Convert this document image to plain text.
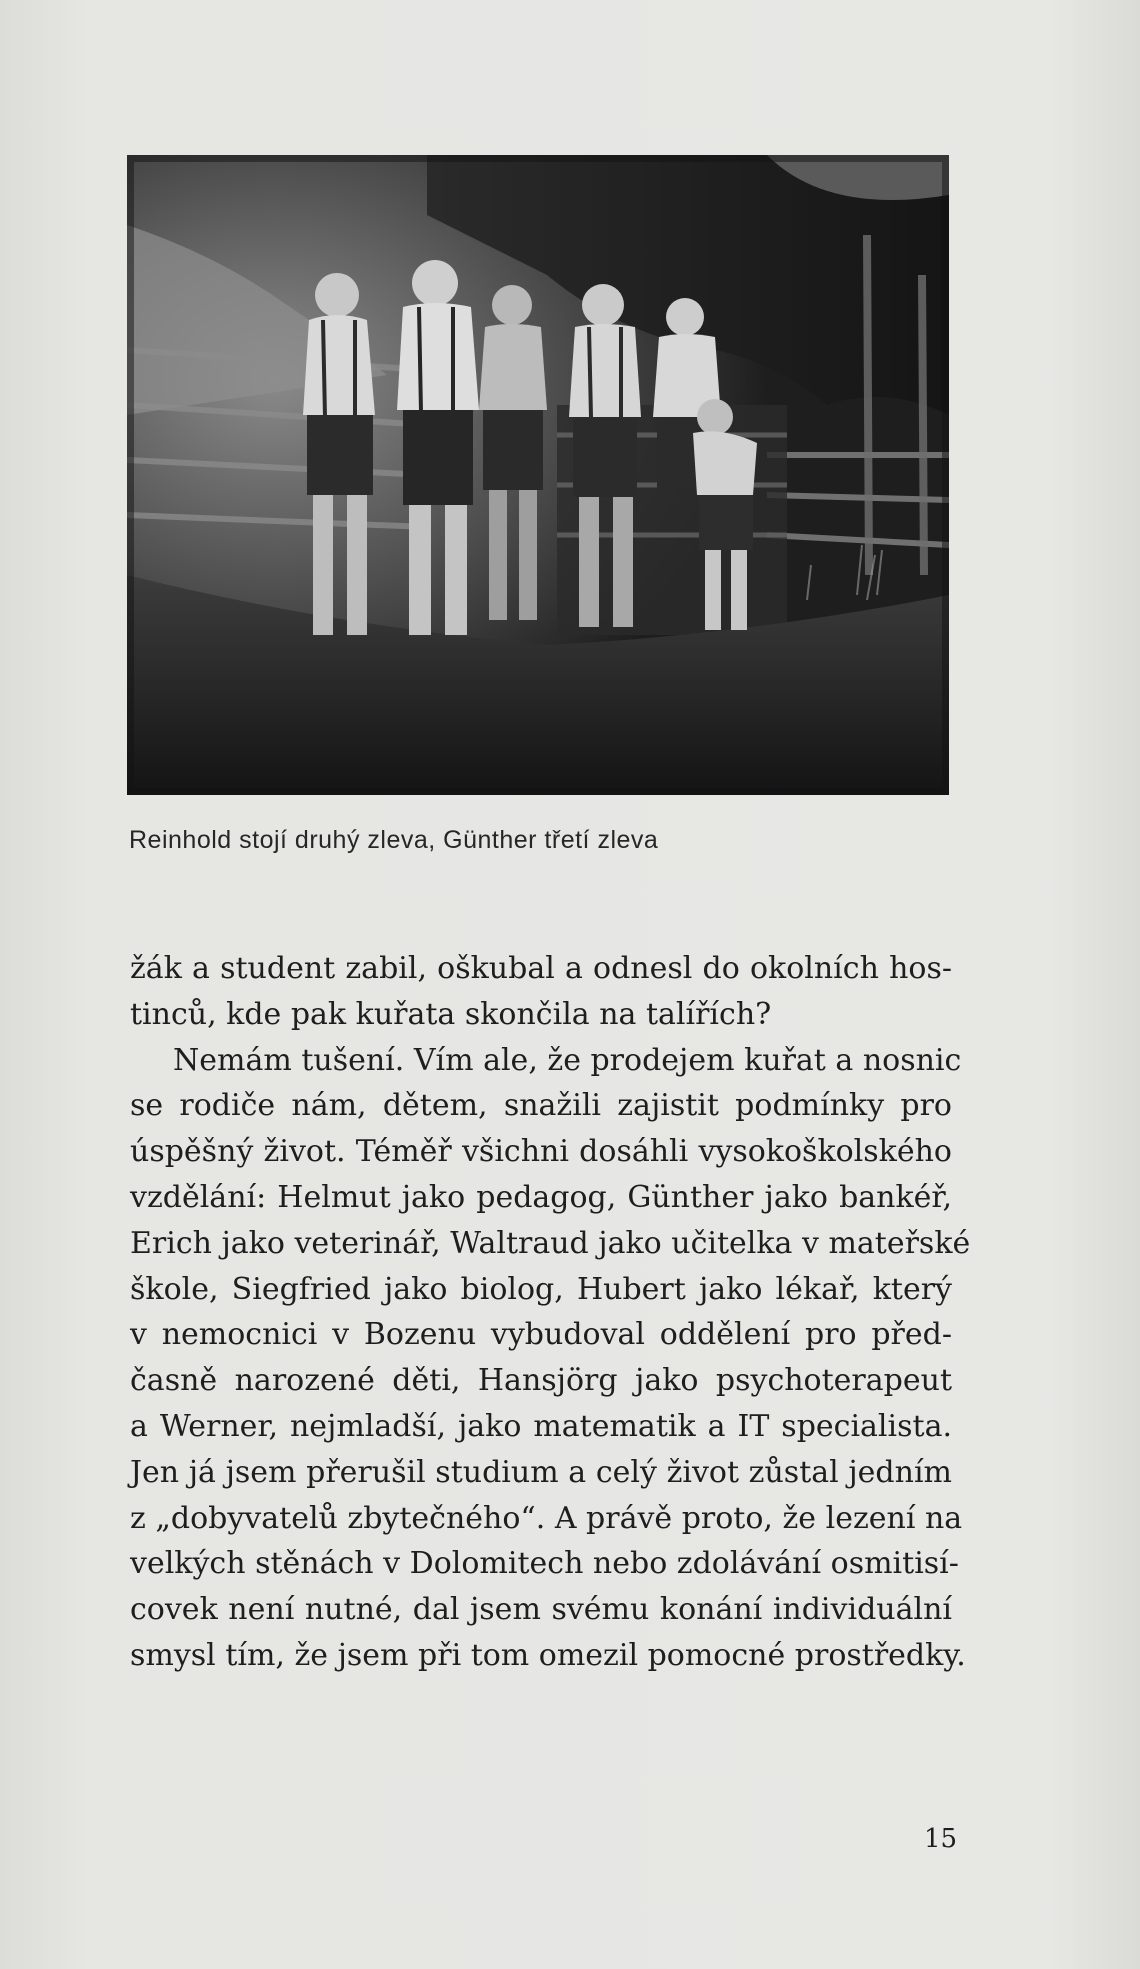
Reinhold stojí druhý zleva, Günther třetí zleva
žák a student zabil, oškubal a odnesl do okolních hos-
tinců, kde pak kuřata skončila na talířích?
Nemám tušení. Vím ale, že prodejem kuřat a nosnic
se rodiče nám, dětem, snažili zajistit podmínky pro
úspěšný život. Téměř všichni dosáhli vysokoškolského
vzdělání: Helmut jako pedagog, Günther jako bankéř,
Erich jako veterinář, Waltraud jako učitelka v mateřské
škole, Siegfried jako biolog, Hubert jako lékař, který
v nemocnici v Bozenu vybudoval oddělení pro před-
časně narozené děti, Hansjörg jako psychoterapeut
a Werner, nejmladší, jako matematik a IT specialista.
Jen já jsem přerušil studium a celý život zůstal jedním
z „dobyvatelů zbytečného“. A právě proto, že lezení na
velkých stěnách v Dolomitech nebo zdolávání osmitisí-
covek není nutné, dal jsem svému konání individuální
smysl tím, že jsem při tom omezil pomocné prostředky.
15
